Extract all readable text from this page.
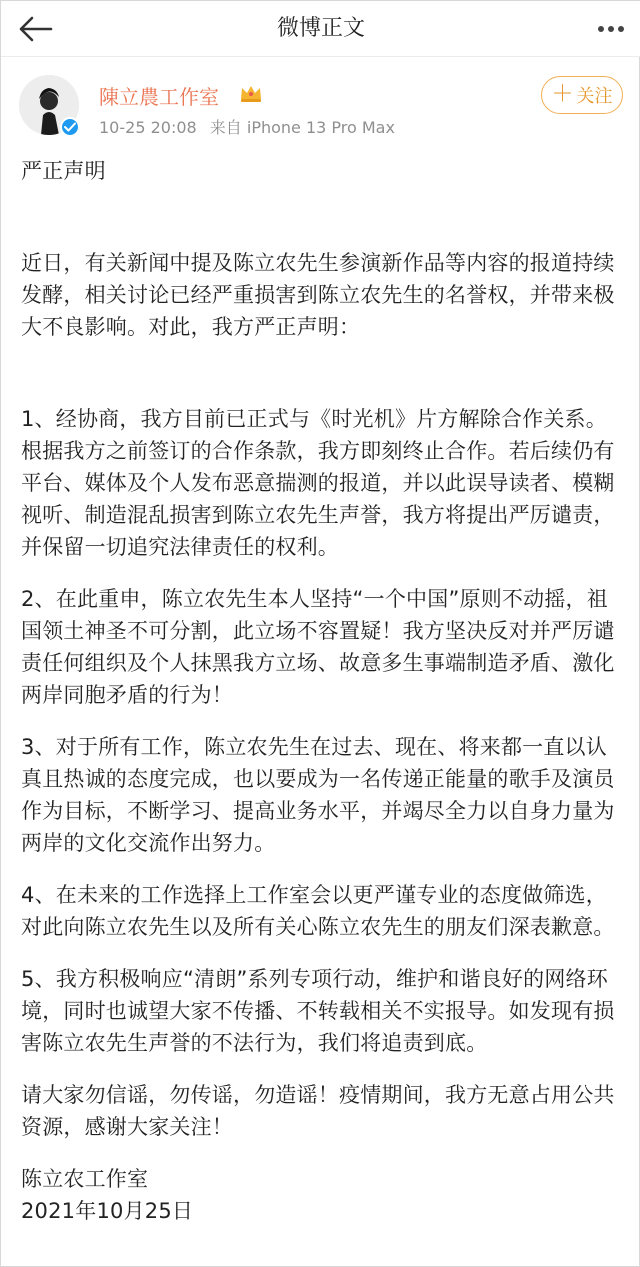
微博正文
陳立農工作室
10-25 20:08 来自 iPhone 13 Pro Max
＋ 关注
严正声明
近日，有关新闻中提及陈立农先生参演新作品等内容的报道持续发酵，相关讨论已经严重损害到陈立农先生的名誉权，并带来极大不良影响。对此，我方严正声明：
1、经协商，我方目前已正式与《时光机》片方解除合作关系。根据我方之前签订的合作条款，我方即刻终止合作。若后续仍有平台、媒体及个人发布恶意揣测的报道，并以此误导读者、模糊视听、制造混乱损害到陈立农先生声誉，我方将提出严厉谴责，并保留一切追究法律责任的权利。
2、在此重申，陈立农先生本人坚持“一个中国”原则不动摇，祖国领土神圣不可分割，此立场不容置疑！我方坚决反对并严厉谴责任何组织及个人抹黑我方立场、故意多生事端制造矛盾、激化两岸同胞矛盾的行为！
3、对于所有工作，陈立农先生在过去、现在、将来都一直以认真且热诚的态度完成，也以要成为一名传递正能量的歌手及演员作为目标，不断学习、提高业务水平，并竭尽全力以自身力量为两岸的文化交流作出努力。
4、在未来的工作选择上工作室会以更严谨专业的态度做筛选，对此向陈立农先生以及所有关心陈立农先生的朋友们深表歉意。
5、我方积极响应“清朗”系列专项行动，维护和谐良好的网络环境，同时也诚望大家不传播、不转载相关不实报导。如发现有损害陈立农先生声誉的不法行为，我们将追责到底。
请大家勿信谣，勿传谣，勿造谣！疫情期间，我方无意占用公共资源，感谢大家关注！
陈立农工作室
2021年10月25日
